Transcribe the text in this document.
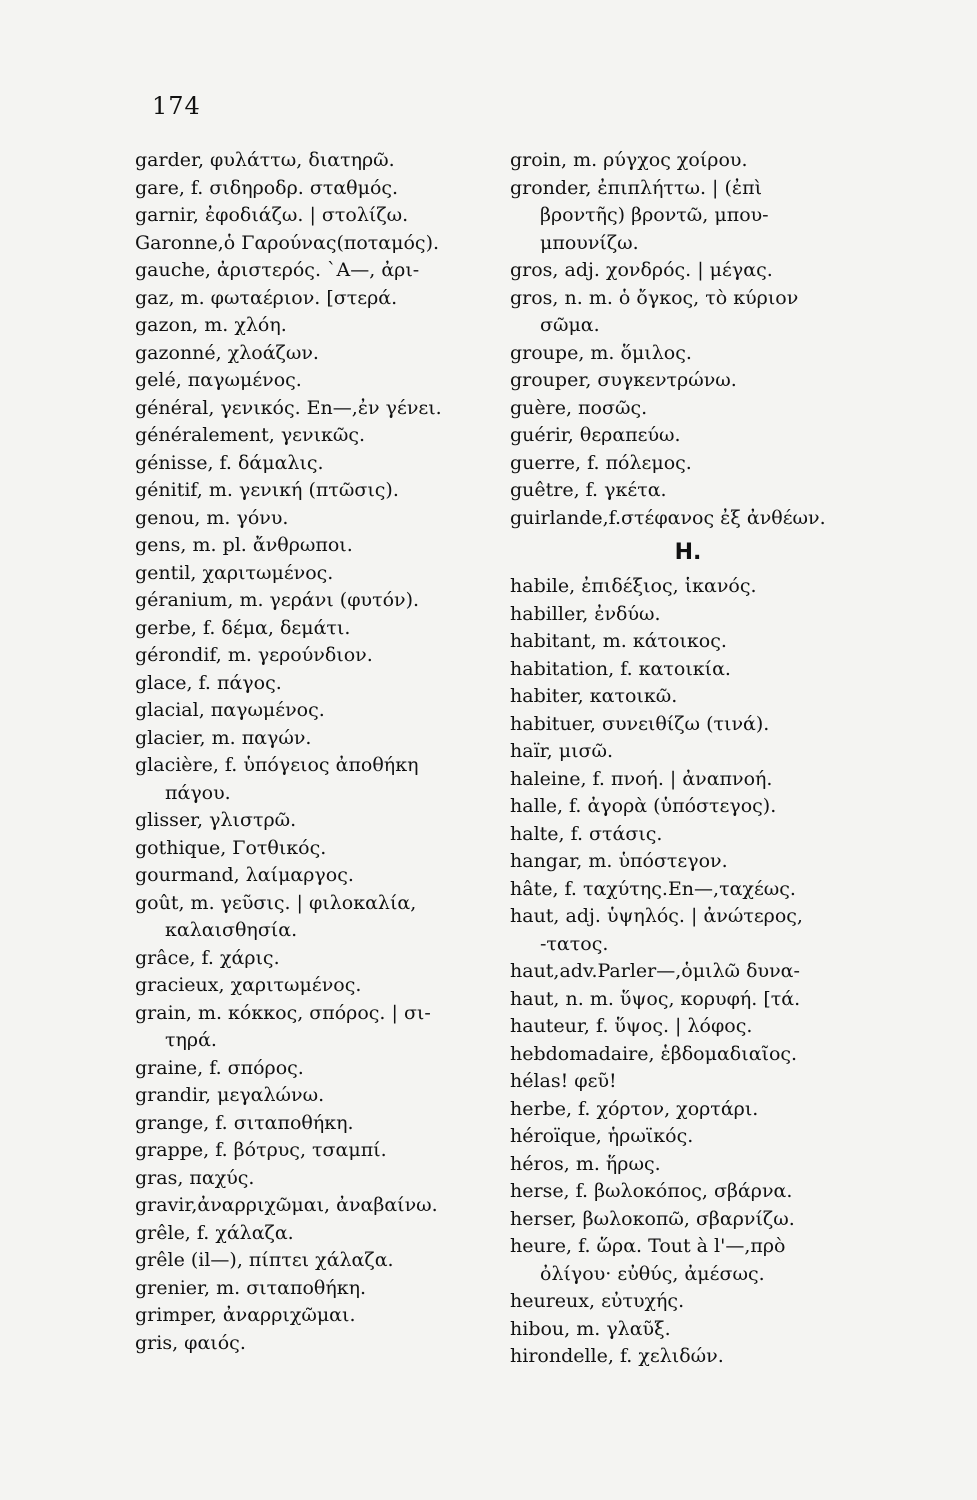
174
garder, φυλάττω, διατηρῶ.
gare, f. σιδηροδρ. σταθμός.
garnir, ἐφοδιάζω. | στολίζω.
Garonne,ὁ Γαρούνας(ποταμός).
gauche, ἀριστερός. `A—, ἀρι-
gaz, m. φωταέριον. [στερά.
gazon, m. χλόη.
gazonné, χλοάζων.
gelé, παγωμένος.
général, γενικός. En—,ἐν γένει.
généralement, γενικῶς.
génisse, f. δάμαλις.
génitif, m. γενική (πτῶσις).
genou, m. γόνυ.
gens, m. pl. ἄνθρωποι.
gentil, χαριτωμένος.
géranium, m. γεράνι (φυτόν).
gerbe, f. δέμα, δεμάτι.
gérondif, m. γερούνδιον.
glace, f. πάγος.
glacial, παγωμένος.
glacier, m. παγών.
glacière, f. ὑπόγειος ἀποθήκη
πάγου.
glisser, γλιστρῶ.
gothique, Γοτθικός.
gourmand, λαίμαργος.
goût, m. γεῦσις. | φιλοκαλία,
καλαισθησία.
grâce, f. χάρις.
gracieux, χαριτωμένος.
grain, m. κόκκος, σπόρος. | σι-
τηρά.
graine, f. σπόρος.
grandir, μεγαλώνω.
grange, f. σιταποθήκη.
grappe, f. βότρυς, τσαμπί.
gras, παχύς.
gravir,ἀναρριχῶμαι, ἀναβαίνω.
grêle, f. χάλαζα.
grêle (il—), πίπτει χάλαζα.
grenier, m. σιταποθήκη.
grimper, ἀναρριχῶμαι.
gris, φαιός.
groin, m. ρύγχος χοίρου.
gronder, ἐπιπλήττω. | (ἐπὶ
βροντῆς) βροντῶ, μπου-
μπουνίζω.
gros, adj. χονδρός. | μέγας.
gros, n. m. ὁ ὄγκος, τὸ κύριον
σῶμα.
groupe, m. ὅμιλος.
grouper, συγκεντρώνω.
guère, ποσῶς.
guérir, θεραπεύω.
guerre, f. πόλεμος.
guêtre, f. γκέτα.
guirlande,f.στέφανος ἐξ ἀνθέων.
H.
habile, ἐπιδέξιος, ἱκανός.
habiller, ἐνδύω.
habitant, m. κάτοικος.
habitation, f. κατοικία.
habiter, κατοικῶ.
habituer, συνειθίζω (τινά).
haïr, μισῶ.
haleine, f. πνοή. | ἀναπνοή.
halle, f. ἀγορὰ (ὑπόστεγος).
halte, f. στάσις.
hangar, m. ὑπόστεγον.
hâte, f. ταχύτης.En—,ταχέως.
haut, adj. ὑψηλός. | ἀνώτερος,
-τατος.
haut,adv.Parler—,ὁμιλῶ δυνα-
haut, n. m. ὕψος, κορυφή. [τά.
hauteur, f. ὕψος. | λόφος.
hebdomadaire, ἑβδομαδιαῖος.
hélas! φεῦ!
herbe, f. χόρτον, χορτάρι.
héroïque, ἡρωϊκός.
héros, m. ἥρως.
herse, f. βωλοκόπος, σβάρνα.
herser, βωλοκοπῶ, σβαρνίζω.
heure, f. ὥρα. Tout à l'—,πρὸ
ὀλίγου· εὐθύς, ἀμέσως.
heureux, εὐτυχής.
hibou, m. γλαῦξ.
hirondelle, f. χελιδών.
